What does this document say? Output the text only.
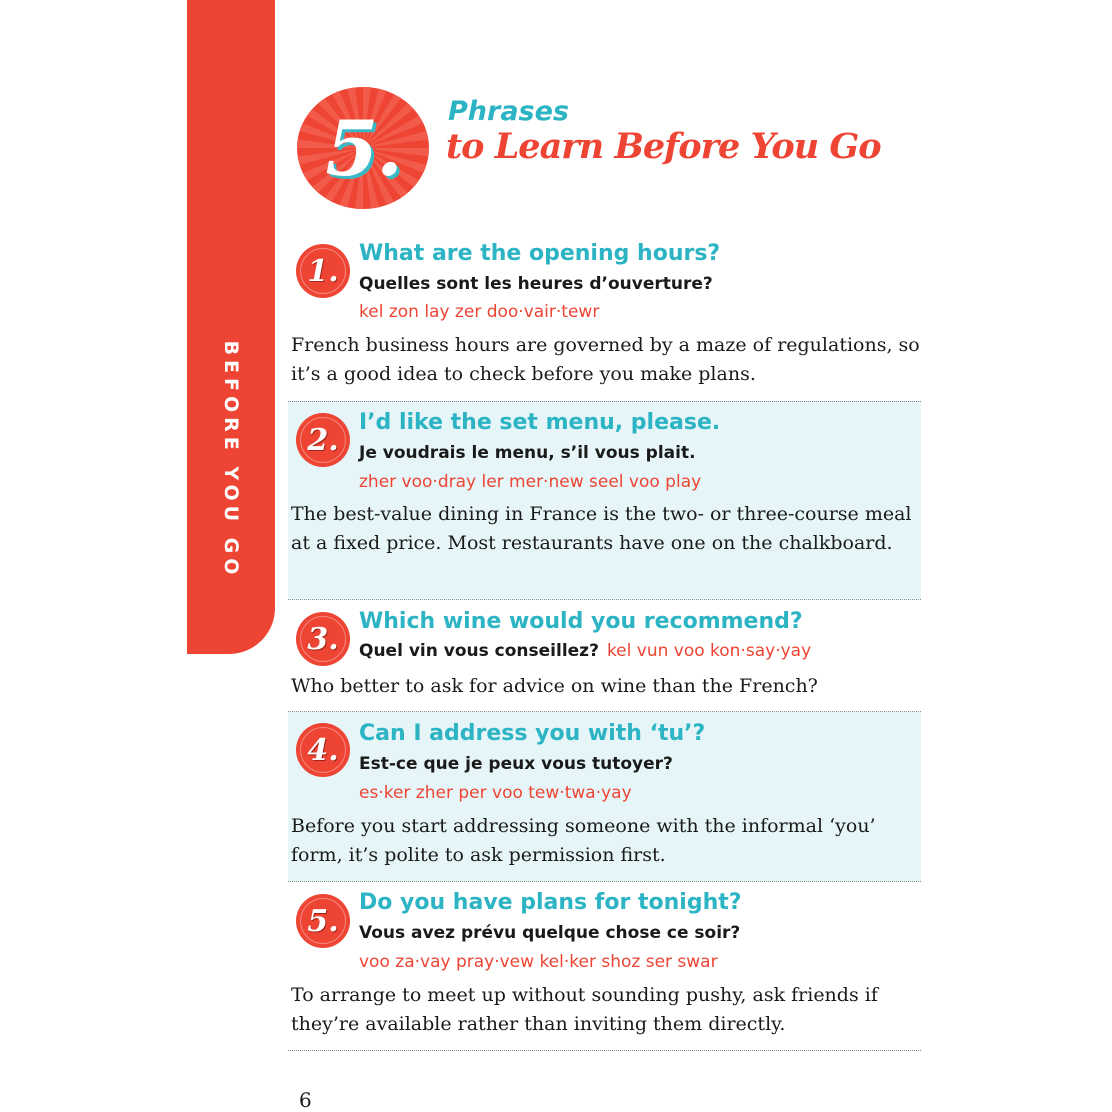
BEFORE YOU GO
5.	Phrases
to Learn Before You Go
1. What are the opening hours?
Quelles sont les heures d’ouverture?
kel zon lay zer doo·vair·tewr
French business hours are governed by a maze of regulations, so it’s a good idea to check before you make plans.
2. I’d like the set menu, please.
Je voudrais le menu, s’il vous plait.
zher voo·dray ler mer·new seel voo play
The best-value dining in France is the two- or three-course meal at a fixed price. Most restaurants have one on the chalkboard.
3. Which wine would you recommend?
Quel vin vous conseillez? kel vun voo kon·say·yay
Who better to ask for advice on wine than the French?
4. Can I address you with ‘tu’?
Est-ce que je peux vous tutoyer?
es·ker zher per voo tew·twa·yay
Before you start addressing someone with the informal ‘you’ form, it’s polite to ask permission first.
5.
Do you have plans for tonight?
Vous avez prévu quelque chose ce soir?
voo za·vay pray·vew kel·ker shoz ser swar
To arrange to meet up without sounding pushy, ask friends if they’re available rather than inviting them directly.
6
